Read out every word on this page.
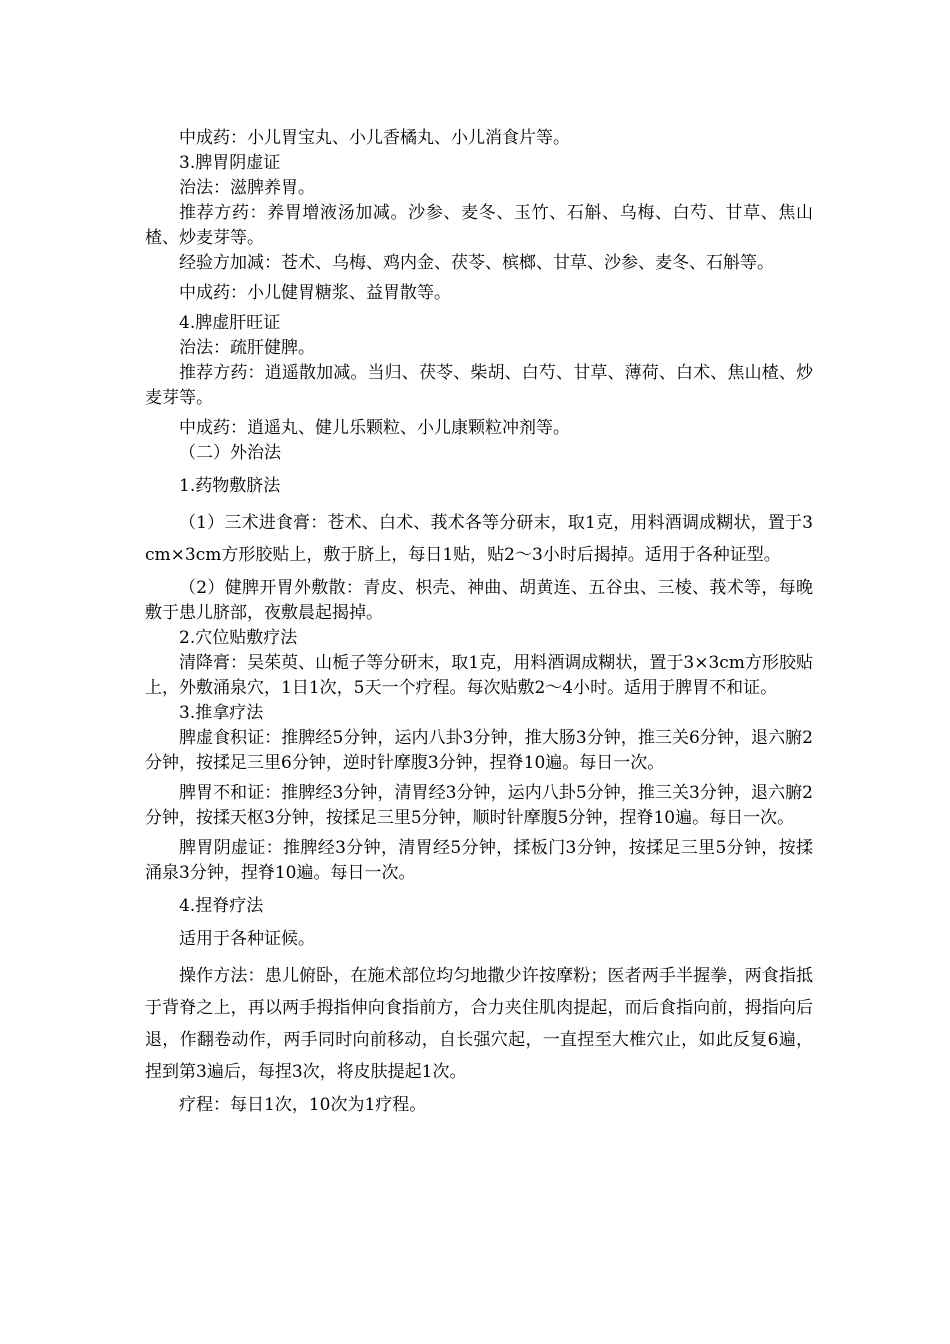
中成药：小儿胃宝丸、小儿香橘丸、小儿消食片等。

3.脾胃阴虚证

治法：滋脾养胃。

推荐方药：养胃增液汤加减。沙参、麦冬、玉竹、石斛、乌梅、白芍、甘草、焦山楂、炒麦芽等。

经验方加减：苍术、乌梅、鸡内金、茯苓、槟榔、甘草、沙参、麦冬、石斛等。

中成药：小儿健胃糖浆、益胃散等。

4.脾虚肝旺证

治法：疏肝健脾。

推荐方药：逍遥散加减。当归、茯苓、柴胡、白芍、甘草、薄荷、白术、焦山楂、炒麦芽等。

中成药：逍遥丸、健儿乐颗粒、小儿康颗粒冲剂等。

（二）外治法

1.药物敷脐法

（1）三术进食膏：苍术、白术、莪术各等分研末，取1克，用料酒调成糊状，置于3cm×3cm方形胶贴上，敷于脐上，每日1贴，贴2～3小时后揭掉。适用于各种证型。

（2）健脾开胃外敷散：青皮、枳壳、神曲、胡黄连、五谷虫、三棱、莪术等，每晚敷于患儿脐部，夜敷晨起揭掉。

2.穴位贴敷疗法

清降膏：吴茱萸、山栀子等分研末，取1克，用料酒调成糊状，置于3×3cm方形胶贴上，外敷涌泉穴，1日1次，5天一个疗程。每次贴敷2～4小时。适用于脾胃不和证。

3.推拿疗法

脾虚食积证：推脾经5分钟，运内八卦3分钟，推大肠3分钟，推三关6分钟，退六腑2分钟，按揉足三里6分钟，逆时针摩腹3分钟，捏脊10遍。每日一次。

脾胃不和证：推脾经3分钟，清胃经3分钟，运内八卦5分钟，推三关3分钟，退六腑2分钟，按揉天枢3分钟，按揉足三里5分钟，顺时针摩腹5分钟，捏脊10遍。每日一次。

脾胃阴虚证：推脾经3分钟，清胃经5分钟，揉板门3分钟，按揉足三里5分钟，按揉涌泉3分钟，捏脊10遍。每日一次。

4.捏脊疗法

适用于各种证候。

操作方法：患儿俯卧，在施术部位均匀地撒少许按摩粉；医者两手半握拳，两食指抵于背脊之上，再以两手拇指伸向食指前方，合力夹住肌肉提起，而后食指向前，拇指向后退，作翻卷动作，两手同时向前移动，自长强穴起，一直捏至大椎穴止，如此反复6遍，捏到第3遍后，每捏3次，将皮肤提起1次。

疗程：每日1次，10次为1疗程。
